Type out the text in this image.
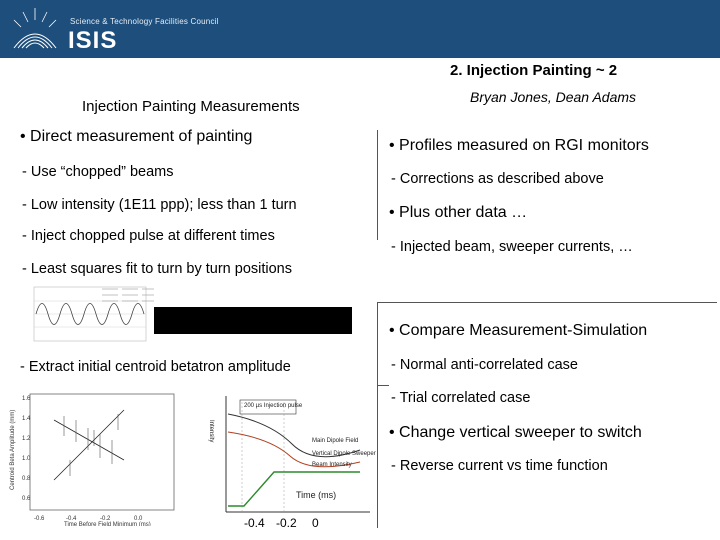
Science & Technology Facilities Council
ISIS
2. Injection Painting ~ 2
Bryan Jones, Dean Adams
Injection Painting Measurements
• Direct measurement of painting
- Use “chopped” beams
- Low intensity (1E11 ppp); less than 1 turn
- Inject chopped pulse at different times
- Least squares fit to turn by turn positions
- Extract initial centroid betatron amplitude
1.6
1.4
1.2
1.0
0.8
0.6
Centroid Beta Amplitude (mm)
-0.6	-0.4	-0.2	0.0
Time Before Field Minimum (ms)
200 µs Injection pulse
Main Dipole Field
Vertical Dipole Sweeper
Beam Intensity
Intensity
Time (ms)
-0.4 -0.2 0
• Profiles measured on RGI monitors
- Corrections as described above
• Plus other data …
- Injected beam, sweeper currents, …
• Compare Measurement-Simulation
- Normal anti-correlated case
- Trial correlated case
• Change vertical sweeper to switch
- Reverse current vs time function
